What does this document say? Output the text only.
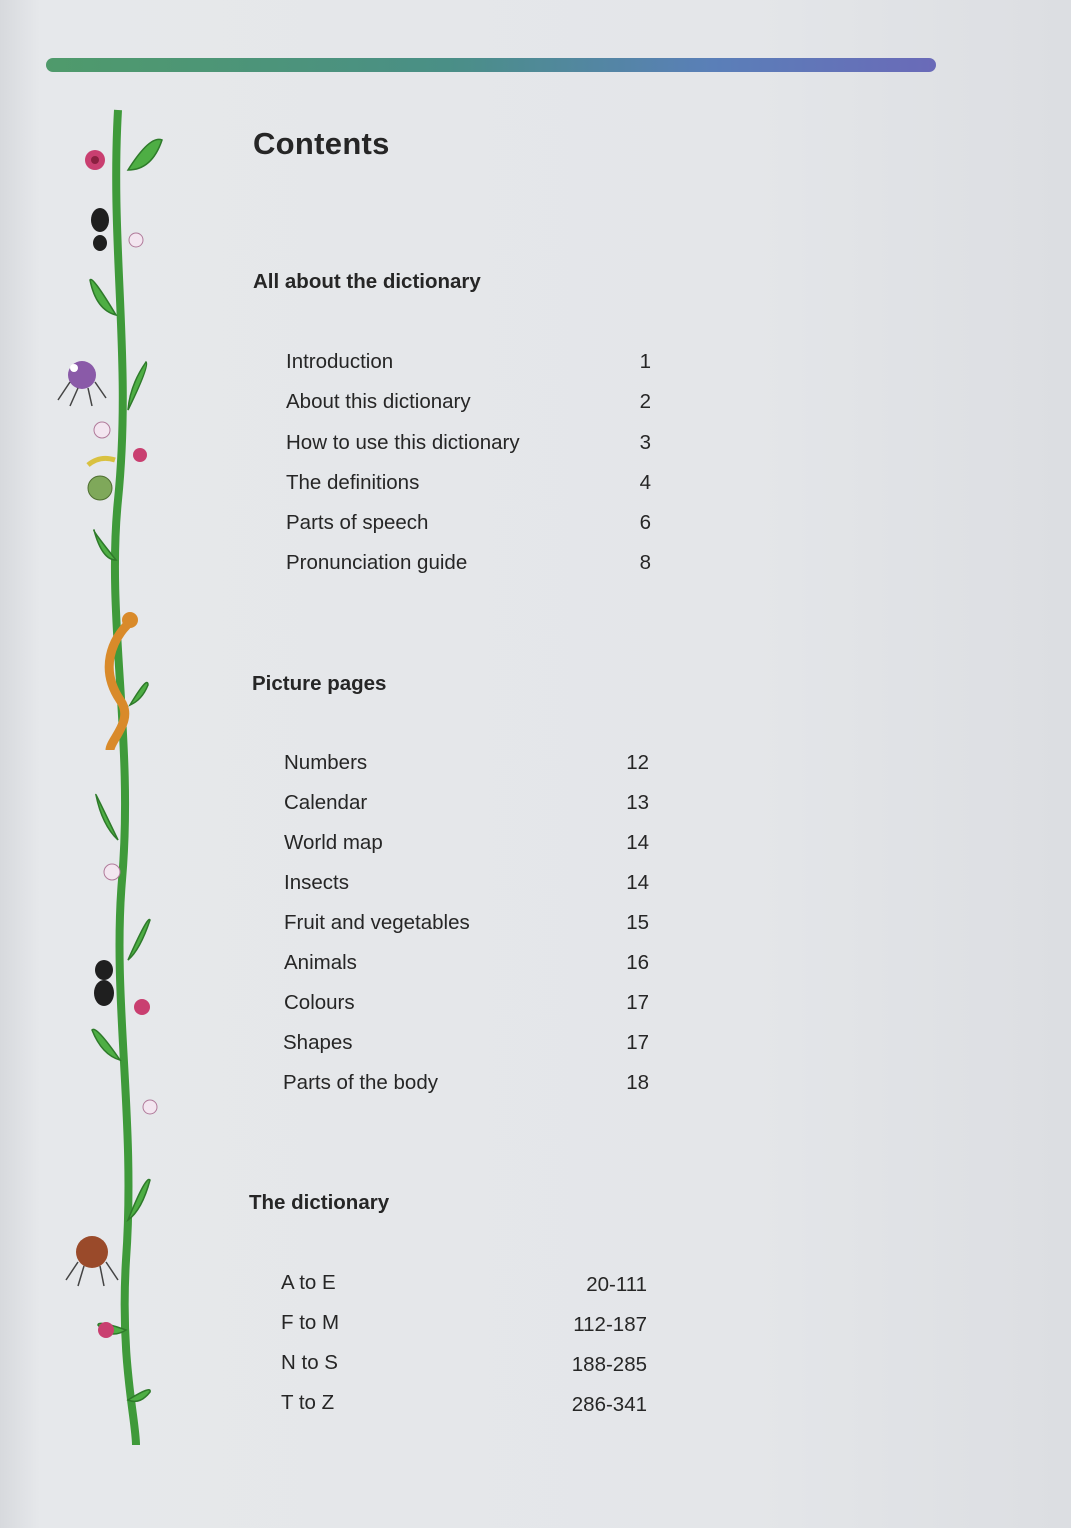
Contents
All about the dictionary
Introduction	1
About this dictionary	2
How to use this dictionary	3
The definitions	4
Parts of speech	6
Pronunciation guide	8
Picture pages
Numbers	12
Calendar	13
World map	14
Insects	14
Fruit and vegetables	15
Animals	16
Colours	17
Shapes	17
Parts of the body	18
The dictionary
A to E	20-111
F to M	112-187
N to S	188-285
T to Z	286-341
